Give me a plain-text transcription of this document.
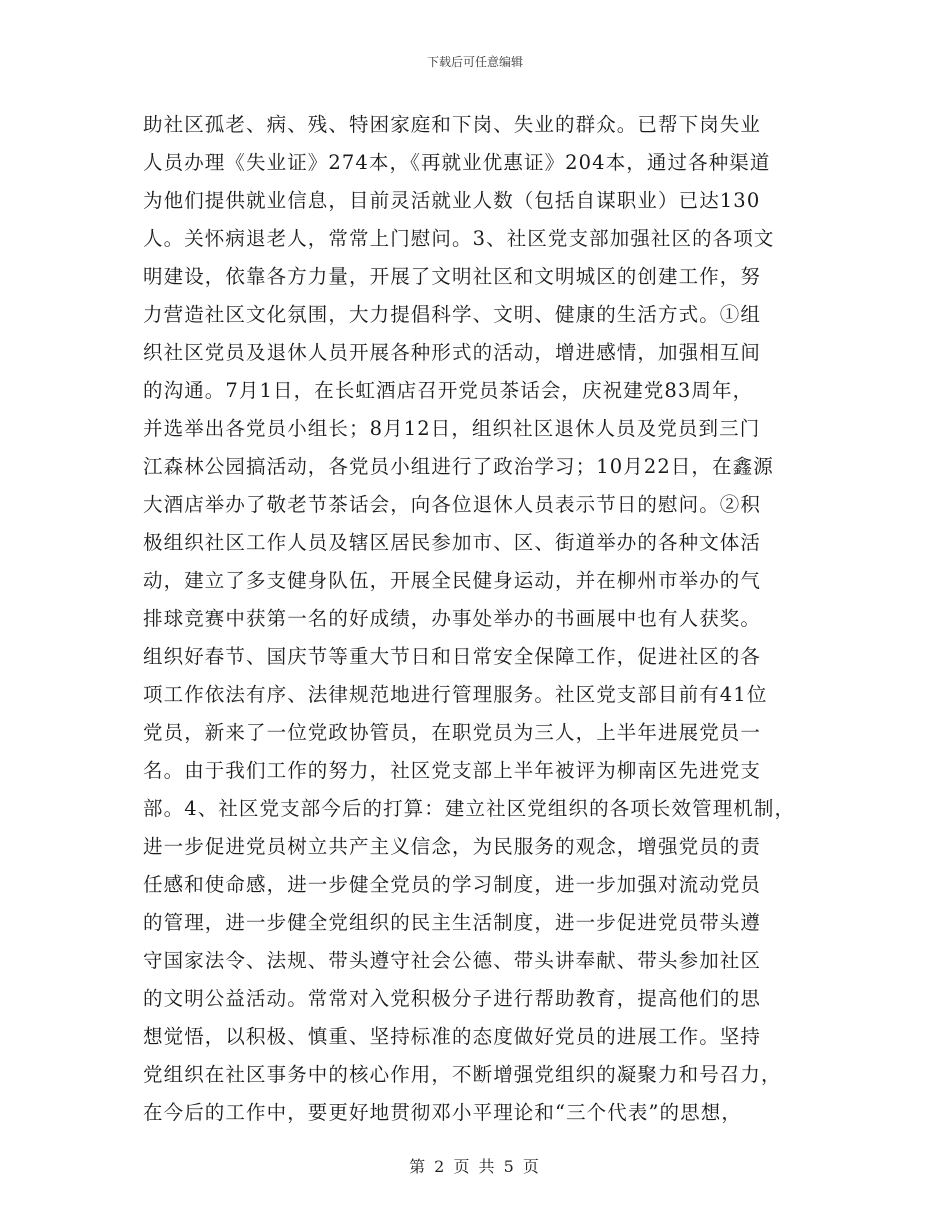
下载后可任意编辑
助社区孤老、病、残、特困家庭和下岗、失业的群众。已帮下岗失业
人员办理《失业证》274本，《再就业优惠证》204本，通过各种渠道
为他们提供就业信息，目前灵活就业人数（包括自谋职业）已达130
人。关怀病退老人，常常上门慰问。3、社区党支部加强社区的各项文
明建设，依靠各方力量，开展了文明社区和文明城区的创建工作，努
力营造社区文化氛围，大力提倡科学、文明、健康的生活方式。①组
织社区党员及退休人员开展各种形式的活动，增进感情，加强相互间
的沟通。7月1日，在长虹酒店召开党员茶话会，庆祝建党83周年，
并选举出各党员小组长；8月12日，组织社区退休人员及党员到三门
江森林公园搞活动，各党员小组进行了政治学习；10月22日，在鑫源
大酒店举办了敬老节茶话会，向各位退休人员表示节日的慰问。②积
极组织社区工作人员及辖区居民参加市、区、街道举办的各种文体活
动，建立了多支健身队伍，开展全民健身运动，并在柳州市举办的气
排球竞赛中获第一名的好成绩，办事处举办的书画展中也有人获奖。
组织好春节、国庆节等重大节日和日常安全保障工作，促进社区的各
项工作依法有序、法律规范地进行管理服务。社区党支部目前有41位
党员，新来了一位党政协管员，在职党员为三人，上半年进展党员一
名。由于我们工作的努力，社区党支部上半年被评为柳南区先进党支
部。4、社区党支部今后的打算：建立社区党组织的各项长效管理机制，
进一步促进党员树立共产主义信念，为民服务的观念，增强党员的责
任感和使命感，进一步健全党员的学习制度，进一步加强对流动党员
的管理，进一步健全党组织的民主生活制度，进一步促进党员带头遵
守国家法令、法规、带头遵守社会公德、带头讲奉献、带头参加社区
的文明公益活动。常常对入党积极分子进行帮助教育，提高他们的思
想觉悟，以积极、慎重、坚持标准的态度做好党员的进展工作。坚持
党组织在社区事务中的核心作用，不断增强党组织的凝聚力和号召力，
在今后的工作中，要更好地贯彻邓小平理论和“三个代表”的思想，
第 2 页 共 5 页
